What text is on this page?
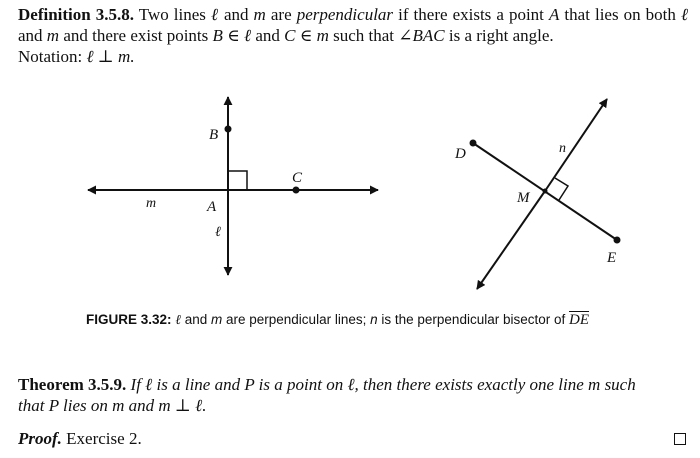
Definition 3.5.8. Two lines ℓ and m are perpendicular if there exists a point A that lies on both ℓ and m and there exist points B ∈ ℓ and C ∈ m such that ∠BAC is a right angle.
Notation: ℓ ⊥ m.
B
C
A
m
ℓ
D	n
M
E
FIGURE 3.32: ℓ and m are perpendicular lines; n is the perpendicular bisector of $\overline{DE}$
Theorem 3.5.9. If ℓ is a line and P is a point on ℓ, then there exists exactly one line m such
that P lies on m and m ⊥ ℓ.
Proof. Exercise 2.
